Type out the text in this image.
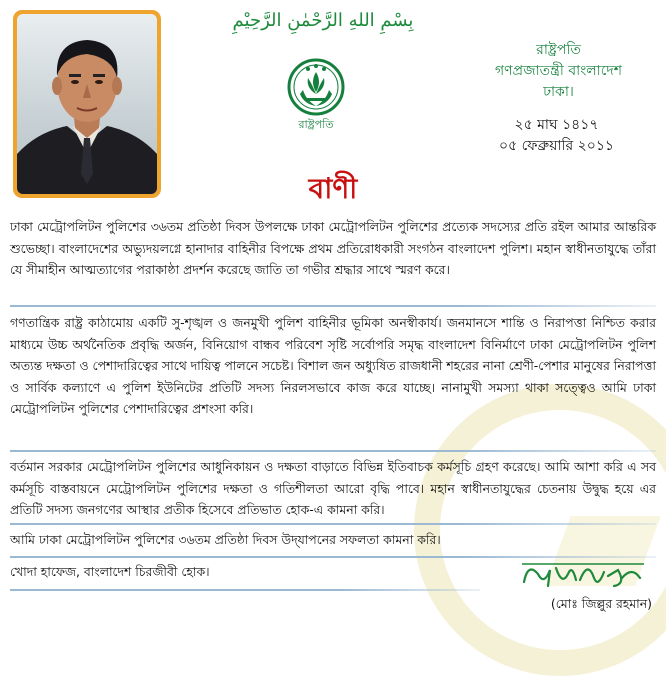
بِسْمِ اللهِ الرَّحْمٰنِ الرَّحِيْمِ
রাষ্ট্রপতি
রাষ্ট্রপতি
গণপ্রজাতন্ত্রী বাংলাদেশ
ঢাকা।
২৫ মাঘ ১৪১৭
০৫ ফেব্রুয়ারি ২০১১
বাণী
ঢাকা মেট্রোপলিটন পুলিশের ৩৬তম প্রতিষ্ঠা দিবস উপলক্ষে ঢাকা মেট্রোপলিটন পুলিশের প্রত্যেক সদস্যের প্রতি রইল আমার আন্তরিক শুভেচ্ছা। বাংলাদেশের অভ্যুদয়লগ্নে হানাদার বাহিনীর বিপক্ষে প্রথম প্রতিরোধকারী সংগঠন বাংলাদেশ পুলিশ। মহান স্বাধীনতাযুদ্ধে তাঁরা যে সীমাহীন আত্মত্যাগের পরাকাষ্ঠা প্রদর্শন করেছে জাতি তা গভীর শ্রদ্ধার সাথে স্মরণ করে।
গণতান্ত্রিক রাষ্ট্র কাঠামোয় একটি সু-শৃঙ্খল ও জনমুখী পুলিশ বাহিনীর ভূমিকা অনস্বীকার্য। জনমানসে শান্তি ও নিরাপত্তা নিশ্চিত করার মাধ্যমে উচ্চ অর্থনৈতিক প্রবৃদ্ধি অর্জন, বিনিয়োগ বান্ধব পরিবেশ সৃষ্টি সর্বোপরি সমৃদ্ধ বাংলাদেশ বিনির্মাণে ঢাকা মেট্রোপলিটন পুলিশ অত্যন্ত দক্ষতা ও পেশাদারিত্বের সাথে দায়িত্ব পালনে সচেষ্ট। বিশাল জন অধ্যুষিত রাজধানী শহরের নানা শ্রেণী-পেশার মানুষের নিরাপত্তা ও সার্বিক কল্যাণে এ পুলিশ ইউনিটের প্রতিটি সদস্য নিরলসভাবে কাজ করে যাচ্ছে। নানামুখী সমস্যা থাকা সত্ত্বেও আমি ঢাকা মেট্রোপলিটন পুলিশের পেশাদারিত্বের প্রশংসা করি।
বর্তমান সরকার মেট্রোপলিটন পুলিশের আধুনিকায়ন ও দক্ষতা বাড়াতে বিভিন্ন ইতিবাচক কর্মসূচি গ্রহণ করেছে। আমি আশা করি এ সব কর্মসূচি বাস্তবায়নে মেট্রোপলিটন পুলিশের দক্ষতা ও গতিশীলতা আরো বৃদ্ধি পাবে। মহান স্বাধীনতাযুদ্ধের চেতনায় উদ্বুদ্ধ হয়ে এর প্রতিটি সদস্য জনগণের আস্থার প্রতীক হিসেবে প্রতিভাত হোক-এ কামনা করি।
আমি ঢাকা মেট্রোপলিটন পুলিশের ৩৬তম প্রতিষ্ঠা দিবস উদ্‌যাপনের সফলতা কামনা করি।
খোদা হাফেজ, বাংলাদেশ চিরজীবী হোক।
(মোঃ জিল্লুর রহমান)
